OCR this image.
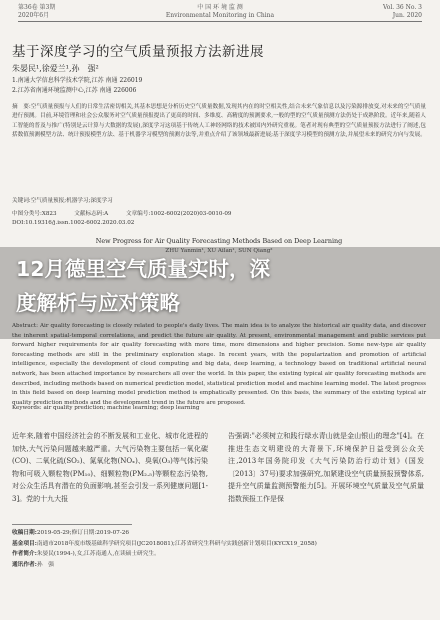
第36卷 第3期
2020年6月
中 国 环 境 监 测
Environmental Monitoring in China
Vol. 36 No. 3
Jun. 2020
基于深度学习的空气质量预报方法新进展
朱晏民¹,徐爱兰¹,孙　强²
1.南通大学信息科学技术学院,江苏 南通 226019
2.江苏省南通环境监测中心,江苏 南通 226006
摘　要:空气质量预报与人们的日常生活密切相关,其基本思想是分析历史空气质量数据,发现其内在的时空相关性,结合未来气象信息以及污染源排放变,对未来的空气质量进行预测。目前,环境管理和社会公众服务对空气质量预报提出了更高的时间、多维度、高精度的预测要求,一般的型的空气质量预测方法仍处于成熟阶段。近年来,随着人工智能的普及与推广(特别是云计算与大数据的发展),深度学习这项基于传统人工神经网络的技术被国内外研究重视。笔者对现有典型的空气质量预报方法进行了阐述,包括数值预测模型方法、统计预报模型方法、基于机器学习模型的预测方法等,并重点介绍了该领域最新进展;基于深度学习模型的预测方法,并展望未来的研究方向与发展。
关键词:空气质量预报;机器学习;深度学习
中图分类号:X823	文献标志码:A	文章编号:1002-6002(2020)03-0010-09
DOI:10.19316/j.issn.1002-6002.2020.03.02
New Progress for Air Quality Forecasting Methods Based on Deep Learning
ZHU Yanmin¹, XU Ailan¹, SUN Qiang²
Abstract: Air quality forecasting is closely related to people's daily lives. The main idea is to analyze the historical air quality data, and discover the inherent spatial-temporal correlations, and predict the future air quality. At present, environmental management and public services put forward higher requirements for air quality forecasting with more time, more dimensions and higher precision. Some new-type air quality forecasting methods are still in the preliminary exploration stage. In recent years, with the popularization and promotion of artificial intelligence, especially the development of cloud computing and big data, deep learning, a technology based on traditional artificial neural network, has been attached importance by researchers all over the world. In this paper, the existing typical air quality forecasting methods are described, including methods based on numerical prediction model, statistical prediction model and machine learning model. The latest progress in this field based on deep learning model prediction method is emphatically presented. On this basis, the summary of the existing typical air quality prediction methods and the development trend in the future are proposed.
Keywords: air quality prediction; machine learning; deep learning
12月德里空气质量实时，深
度解析与应对策略
近年来,随着中国经济社会的不断发展和工业化、城市化进程的加快,大气污染问题越来越严重。大气污染物主要包括一氧化碳(CO)、二氧化硫(SO₂)、氮氧化物(NOₓ)、臭氧(O₃)等气体污染物和可吸入颗粒物(PM₁₀)、细颗粒物(PM₂.₅)等颗粒态污染物,对公众生活具有潜在的负面影响,甚至会引发一系列健康问题[1-3]。党的十九大报
告强调:"必须树立和践行绿水青山就是金山银山的理念"[4]。在推进生态文明建设的大背景下,环境保护日益受到公众关注,2013年国务院印发《大气污染防治行动计划》(国发〔2013〕37号)要求加强研究,加紧建设空气质量预报预警体系,提升空气质量监测预警能力[5]。开展环境空气质量及空气质量指数预报工作是保
收稿日期:2019-05-29;修订日期:2019-07-26
基金项目:南通市2018年度市级基础科学研究项目(JC2018081);江苏省研究生科研与实践创新计划项目(KYCX19_2058)
作者简介:朱晏民(1994-),女,江苏南通人,在读硕士研究生。
通讯作者:孙　强
